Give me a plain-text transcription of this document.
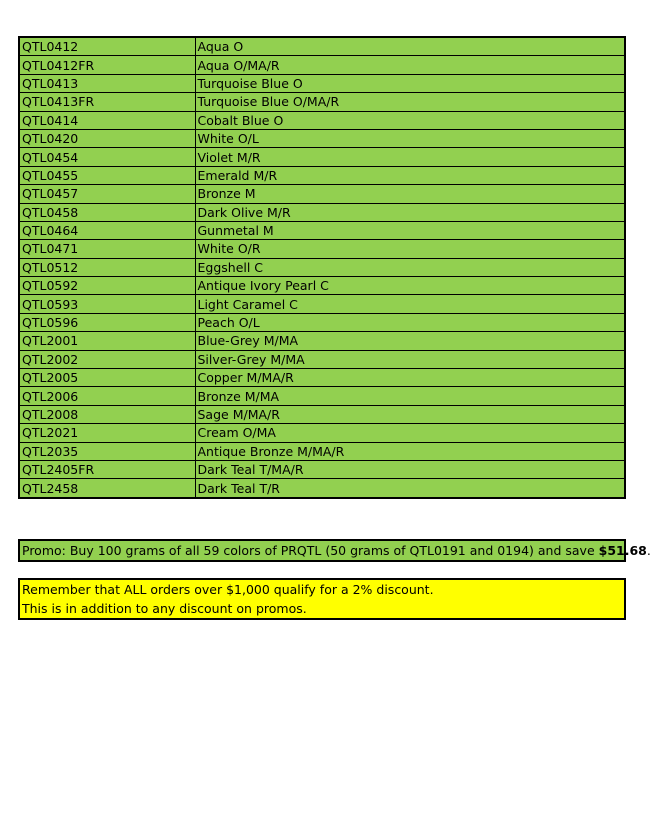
QTL0412	Aqua O
QTL0412FR	Aqua O/MA/R
QTL0413	Turquoise Blue O
QTL0413FR	Turquoise Blue O/MA/R
QTL0414	Cobalt Blue O
QTL0420	White O/L
QTL0454	Violet M/R
QTL0455	Emerald M/R
QTL0457	Bronze M
QTL0458	Dark Olive M/R
QTL0464	Gunmetal M
QTL0471	White O/R
QTL0512	Eggshell C
QTL0592	Antique Ivory Pearl C
QTL0593	Light Caramel C
QTL0596	Peach O/L
QTL2001	Blue-Grey M/MA
QTL2002	Silver-Grey M/MA
QTL2005	Copper M/MA/R
QTL2006	Bronze M/MA
QTL2008	Sage M/MA/R
QTL2021	Cream O/MA
QTL2035	Antique Bronze M/MA/R
QTL2405FR	Dark Teal T/MA/R
QTL2458	Dark Teal T/R
Promo: Buy 100 grams of all 59 colors of PRQTL (50 grams of QTL0191 and 0194) and save $51.68.
Remember that ALL orders over $1,000 qualify for a 2% discount.
This is in addition to any discount on promos.
